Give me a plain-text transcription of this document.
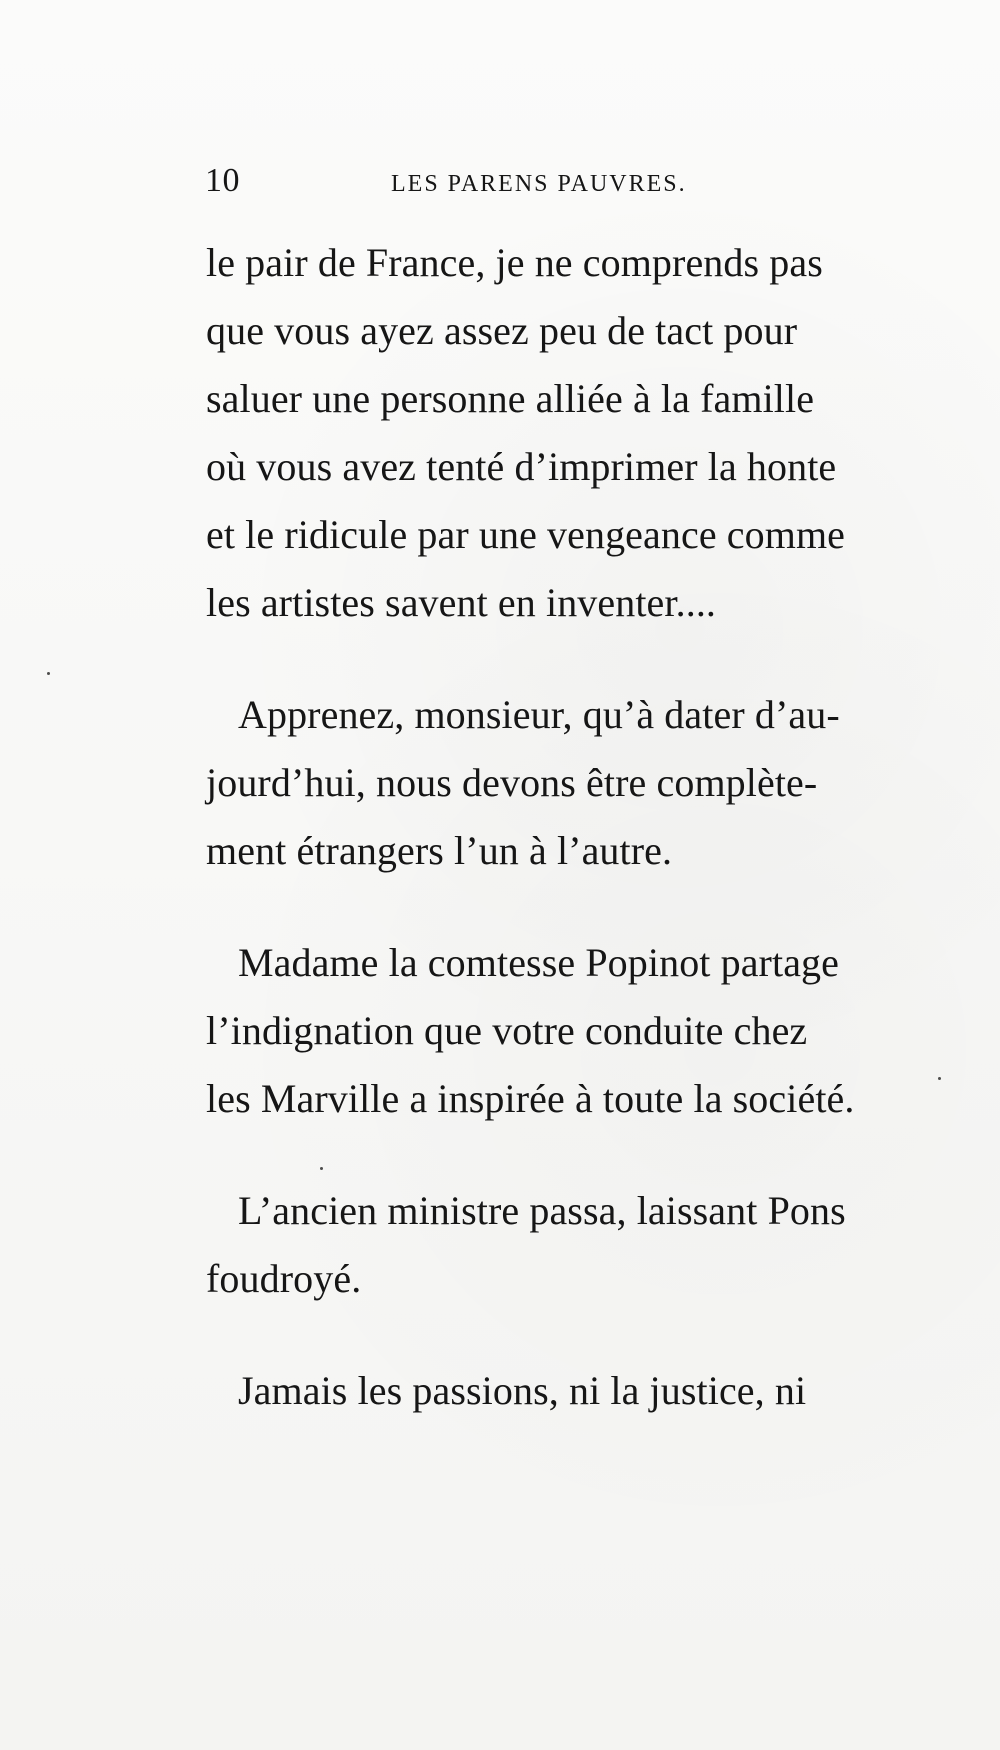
10	LES PARENS PAUVRES.
le pair de France, je ne comprends pas
que vous ayez assez peu de tact pour
saluer une personne alliée à la famille
où vous avez tenté d’imprimer la honte
et le ridicule par une vengeance comme
les artistes savent en inventer....
Apprenez, monsieur, qu’à dater d’au-
jourd’hui, nous devons être complète-
ment étrangers l’un à l’autre.
Madame la comtesse Popinot partage
l’indignation que votre conduite chez
les Marville a inspirée à toute la société.
L’ancien ministre passa, laissant Pons
foudroyé.
Jamais les passions, ni la justice, ni
